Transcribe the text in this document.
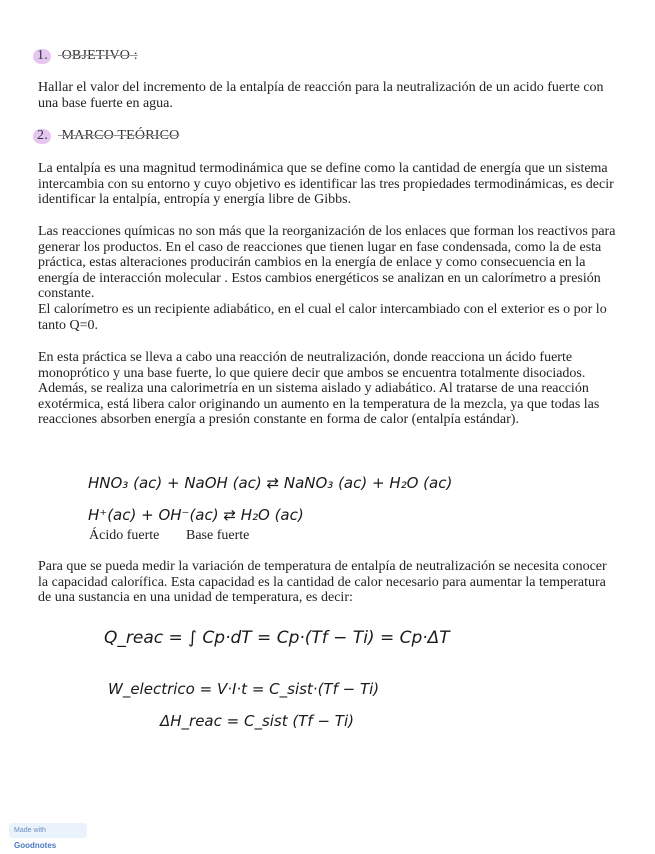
1. OBJETIVO :
Hallar el valor del incremento de la entalpía de reacción para la neutralización de un acido fuerte con una base fuerte en agua.
2. MARCO TEÓRICO
La entalpía es una magnitud termodinámica que se define como la cantidad de energía que un sistema intercambia con su entorno y cuyo objetivo es identificar las tres propiedades termodinámicas, es decir identificar la entalpía, entropía y energía libre de Gibbs.
Las reacciones químicas no son más que la reorganización de los enlaces que forman los reactivos para generar los productos. En el caso de reacciones que tienen lugar en fase condensada, como la de esta práctica, estas alteraciones producirán cambios en la energía de enlace y como consecuencia en la energía de interacción molecular . Estos cambios energéticos se analizan en un calorímetro a presión constante.
El calorímetro es un recipiente adiabático, en el cual el calor intercambiado con el exterior es o por lo tanto Q=0.
En esta práctica se lleva a cabo una reacción de neutralización, donde reacciona un ácido fuerte monoprótico y una base fuerte, lo que quiere decir que ambos se encuentra totalmente disociados. Además, se realiza una calorimetría en un sistema aislado y adiabático. Al tratarse de una reacción exotérmica, está libera calor originando un aumento en la temperatura de la mezcla, ya que todas las reacciones absorben energía a presión constante en forma de calor (entalpía estándar).
HNO₃ (ac) + NaOH (ac) ⇄ NaNO₃ (ac) + H₂O (ac)
H⁺(ac) + OH⁻(ac) ⇄ H₂O (ac)
Ácido fuerte Base fuerte
Para que se pueda medir la variación de temperatura de entalpía de neutralización se necesita conocer la capacidad calorífica. Esta capacidad es la cantidad de calor necesario para aumentar la temperatura de una sustancia en una unidad de temperatura, es decir:
Q_reac = ∫ Cp·dT = Cp·(Tf − Ti) = Cp·ΔT
W_electrico = V·I·t = C_sist·(Tf − Ti)
ΔH_reac = C_sist (Tf − Ti)
Made with Goodnotes
